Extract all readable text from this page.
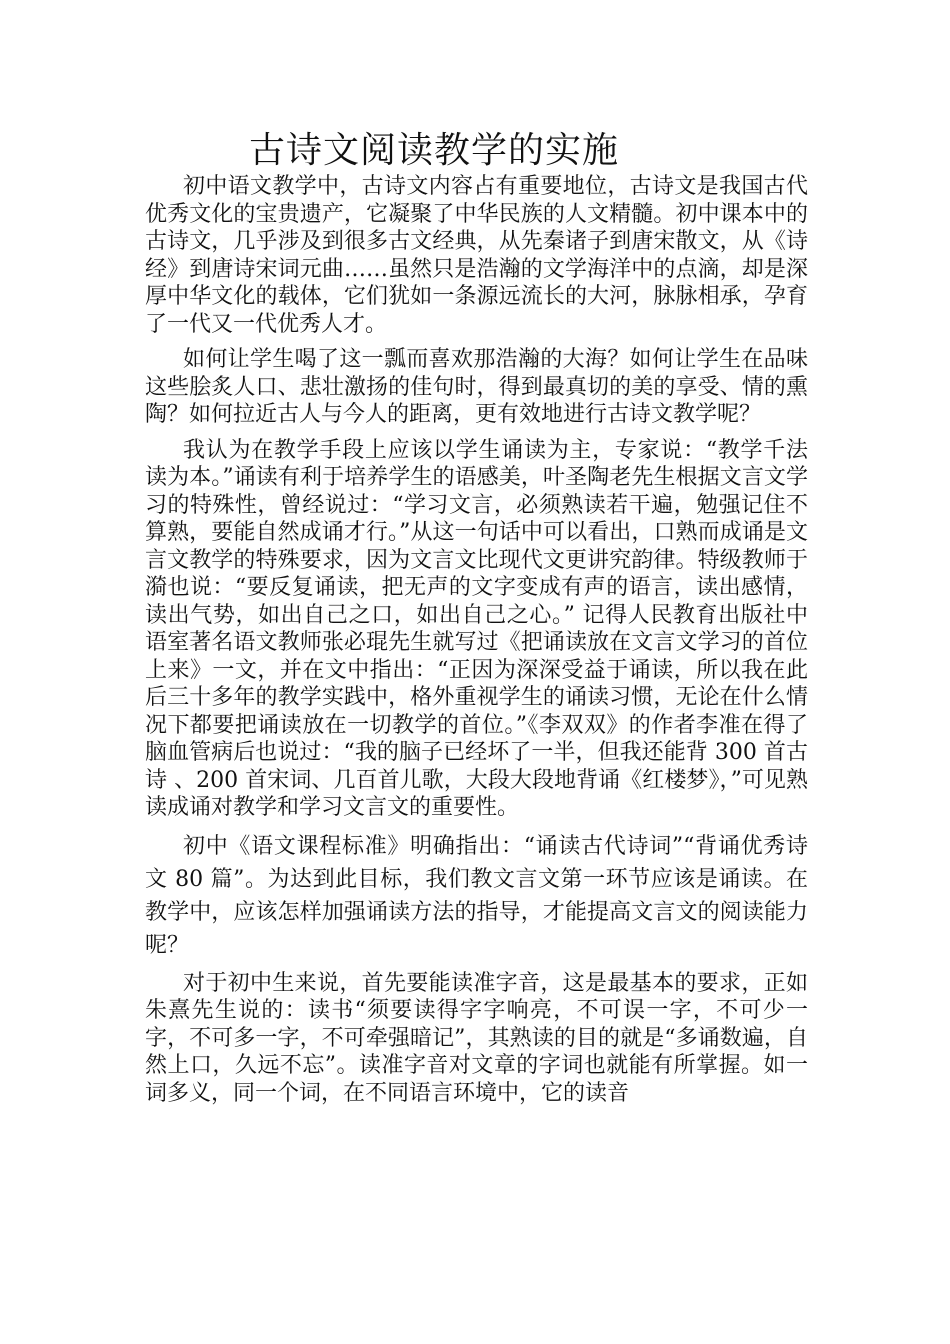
古诗文阅读教学的实施

初中语文教学中，古诗文内容占有重要地位，古诗文是我国古代优秀文化的宝贵遗产，它凝聚了中华民族的人文精髓。初中课本中的古诗文，几乎涉及到很多古文经典，从先秦诸子到唐宋散文，从《诗经》到唐诗宋词元曲……虽然只是浩瀚的文学海洋中的点滴，却是深厚中华文化的载体，它们犹如一条源远流长的大河，脉脉相承，孕育了一代又一代优秀人才。

如何让学生喝了这一瓢而喜欢那浩瀚的大海？如何让学生在品味这些脍炙人口、悲壮激扬的佳句时，得到最真切的美的享受、情的熏陶？如何拉近古人与今人的距离，更有效地进行古诗文教学呢？

我认为在教学手段上应该以学生诵读为主，专家说：“教学千法读为本。”诵读有利于培养学生的语感美，叶圣陶老先生根据文言文学习的特殊性，曾经说过：“学习文言，必须熟读若干遍，勉强记住不算熟，要能自然成诵才行。”从这一句话中可以看出，口熟而成诵是文言文教学的特殊要求，因为文言文比现代文更讲究韵律。特级教师于漪也说：“要反复诵读，把无声的文字变成有声的语言，读出感情，读出气势，如出自己之口，如出自己之心。” 记得人民教育出版社中语室著名语文教师张必琨先生就写过《把诵读放在文言文学习的首位上来》一文，并在文中指出：“正因为深深受益于诵读，所以我在此后三十多年的教学实践中，格外重视学生的诵读习惯，无论在什么情况下都要把诵读放在一切教学的首位。”《李双双》的作者李准在得了脑血管病后也说过：“我的脑子已经坏了一半，但我还能背 300 首古诗 、200 首宋词、几百首儿歌，大段大段地背诵《红楼梦》，”可见熟读成诵对教学和学习文言文的重要性。

初中《语文课程标准》明确指出：“诵读古代诗词”“背诵优秀诗文 80 篇”。为达到此目标，我们教文言文第一环节应该是诵读。在教学中，应该怎样加强诵读方法的指导，才能提高文言文的阅读能力呢？

对于初中生来说，首先要能读准字音，这是最基本的要求，正如朱熹先生说的：读书“须要读得字字响亮，不可误一字，不可少一字，不可多一字，不可牵强暗记”，其熟读的目的就是“多诵数遍，自然上口，久远不忘”。读准字音对文章的字词也就能有所掌握。如一词多义，同一个词，在不同语言环境中，它的读音
